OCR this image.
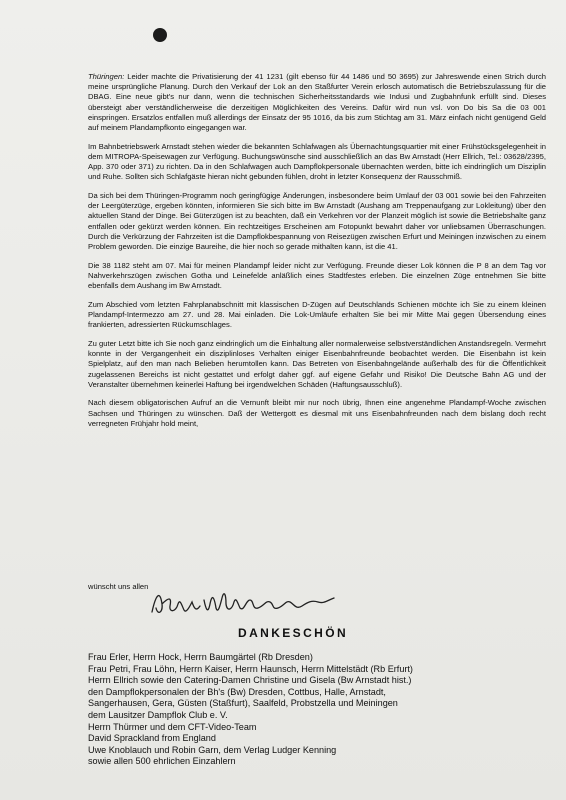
Thüringen: Leider machte die Privatisierung der 41 1231 (gilt ebenso für 44 1486 und 50 3695) zur Jahreswende einen Strich durch meine ursprüngliche Planung. Durch den Verkauf der Lok an den Staßfurter Verein erlosch automatisch die Betriebszulassung für die DBAG. Eine neue gibt's nur dann, wenn die technischen Sicherheitsstandards wie Indusi und Zugbahnfunk erfüllt sind. Dieses übersteigt aber verständlicherweise die derzeitigen Möglichkeiten des Vereins. Dafür wird nun vsl. von Do bis Sa die 03 001 einspringen. Ersatzlos entfallen muß allerdings der Einsatz der 95 1016, da bis zum Stichtag am 31. März einfach nicht genügend Geld auf meinem Plandampfkonto eingegangen war.

Im Bahnbetriebswerk Arnstadt stehen wieder die bekannten Schlafwagen als Übernachtungsquartier mit einer Frühstücksgelegenheit in dem MITROPA-Speisewagen zur Verfügung. Buchungswünsche sind ausschließlich an das Bw Arnstadt (Herr Ellrich, Tel.: 03628/2395, App. 370 oder 371) zu richten. Da in den Schlafwagen auch Dampflokpersonale übernachten werden, bitte ich eindringlich um Disziplin und Ruhe. Sollten sich Schlafgäste hieran nicht gebunden fühlen, droht in letzter Konsequenz der Rausschmiß.

Da sich bei dem Thüringen-Programm noch geringfügige Änderungen, insbesondere beim Umlauf der 03 001 sowie bei den Fahrzeiten der Leergüterzüge, ergeben könnten, informieren Sie sich bitte im Bw Arnstadt (Aushang am Treppenaufgang zur Lokleitung) über den aktuellen Stand der Dinge. Bei Güterzügen ist zu beachten, daß ein Verkehren vor der Planzeit möglich ist sowie die Betriebshalte ganz entfallen oder gekürzt werden können. Ein rechtzeitiges Erscheinen am Fotopunkt bewahrt daher vor unliebsamen Überraschungen. Durch die Verkürzung der Fahrzeiten ist die Dampflokbespannung von Reisezügen zwischen Erfurt und Meiningen inzwischen zu einem Problem geworden. Die einzige Baureihe, die hier noch so gerade mithalten kann, ist die 41.

Die 38 1182 steht am 07. Mai für meinen Plandampf leider nicht zur Verfügung. Freunde dieser Lok können die P 8 an dem Tag vor Nahverkehrszügen zwischen Gotha und Leinefelde anläßlich eines Stadtfestes erleben. Die einzelnen Züge entnehmen Sie bitte ebenfalls dem Aushang im Bw Arnstadt.

Zum Abschied vom letzten Fahrplanabschnitt mit klassischen D-Zügen auf Deutschlands Schienen möchte ich Sie zu einem kleinen Plandampf-Intermezzo am 27. und 28. Mai einladen. Die Lok-Umläufe erhalten Sie bei mir Mitte Mai gegen Übersendung eines frankierten, adressierten Rückumschlages.

Zu guter Letzt bitte ich Sie noch ganz eindringlich um die Einhaltung aller normalerweise selbstverständlichen Anstandsregeln. Vermehrt konnte in der Vergangenheit ein disziplinloses Verhalten einiger Eisenbahnfreunde beobachtet werden. Die Eisenbahn ist kein Spielplatz, auf den man nach Belieben herumtollen kann. Das Betreten von Eisenbahngelände außerhalb des für die Öffentlichkeit zugelassenen Bereichs ist nicht gestattet und erfolgt daher ggf. auf eigene Gefahr und Risiko! Die Deutsche Bahn AG und der Veranstalter übernehmen keinerlei Haftung bei irgendwelchen Schäden (Haftungsausschluß).

Nach diesem obligatorischen Aufruf an die Vernunft bleibt mir nur noch übrig, Ihnen eine angenehme Plandampf-Woche zwischen Sachsen und Thüringen zu wünschen. Daß der Wettergott es diesmal mit uns Eisenbahnfreunden nach dem bislang doch recht verregneten Frühjahr hold meint,

wünscht uns allen
DANKESCHÖN
Frau Erler, Herrn Hock, Herrn Baumgärtel (Rb Dresden)
Frau Petri, Frau Löhn, Herrn Kaiser, Herrn Haunsch, Herrn Mittelstädt (Rb Erfurt)
Herrn Ellrich sowie den Catering-Damen Christine und Gisela (Bw Arnstadt hist.)
den Dampflokpersonalen der Bh's (Bw) Dresden, Cottbus, Halle, Arnstadt,
Sangerhausen, Gera, Güsten (Staßfurt), Saalfeld, Probstzella und Meiningen
dem Lausitzer Dampflok Club e. V.
Herrn Thürmer und dem CFT-Video-Team
David Sprackland from England
Uwe Knoblauch und Robin Garn, dem Verlag Ludger Kenning
sowie allen 500 ehrlichen Einzahlern
